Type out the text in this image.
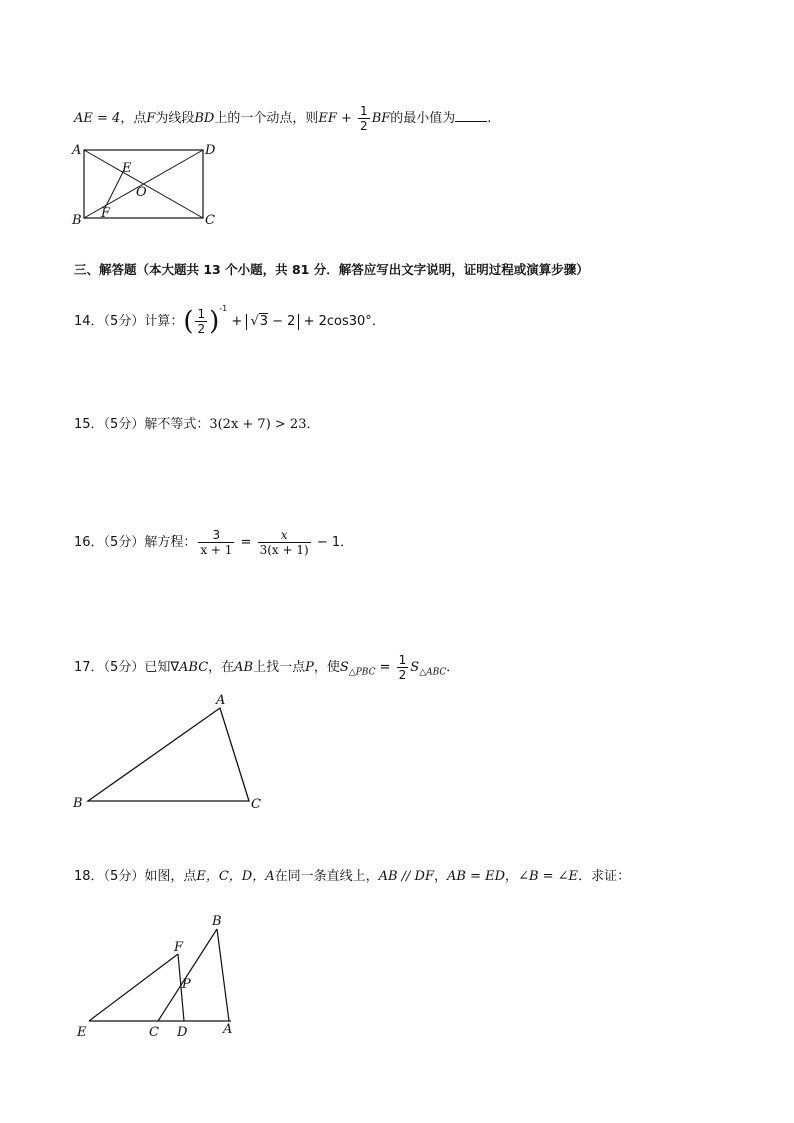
AE = 4，点F为线段BD上的一个动点，则EF + $\frac{1}{2}$ BF的最小值为 .
A	D
E
O
B F	C
三、解答题（本大题共 13 个小题，共 81 分．解答应写出文字说明，证明过程或演算步骤）
14．（5分）计算：( $\frac{1}{2} )^{-1} + √3 - 2 + 2\cos 30^\circ$．
15．（5分）解不等式：3(2x + 7) > 23．
16．（5分）解方程： $\frac{3}{x + 1} = \frac{x}{3(x + 1)} - 1$．
17．（5分）已知∇ABC，在AB上找一点P，使$S_{\triangle PBC} = \frac{1}{2} S_{\triangle ABC}$．
A
B	C
18．（5分）如图，点E，C，D，A在同一条直线上，AB // DF，AB = ED，∠B = ∠E．求证：
B
F
P
E	C D	A
